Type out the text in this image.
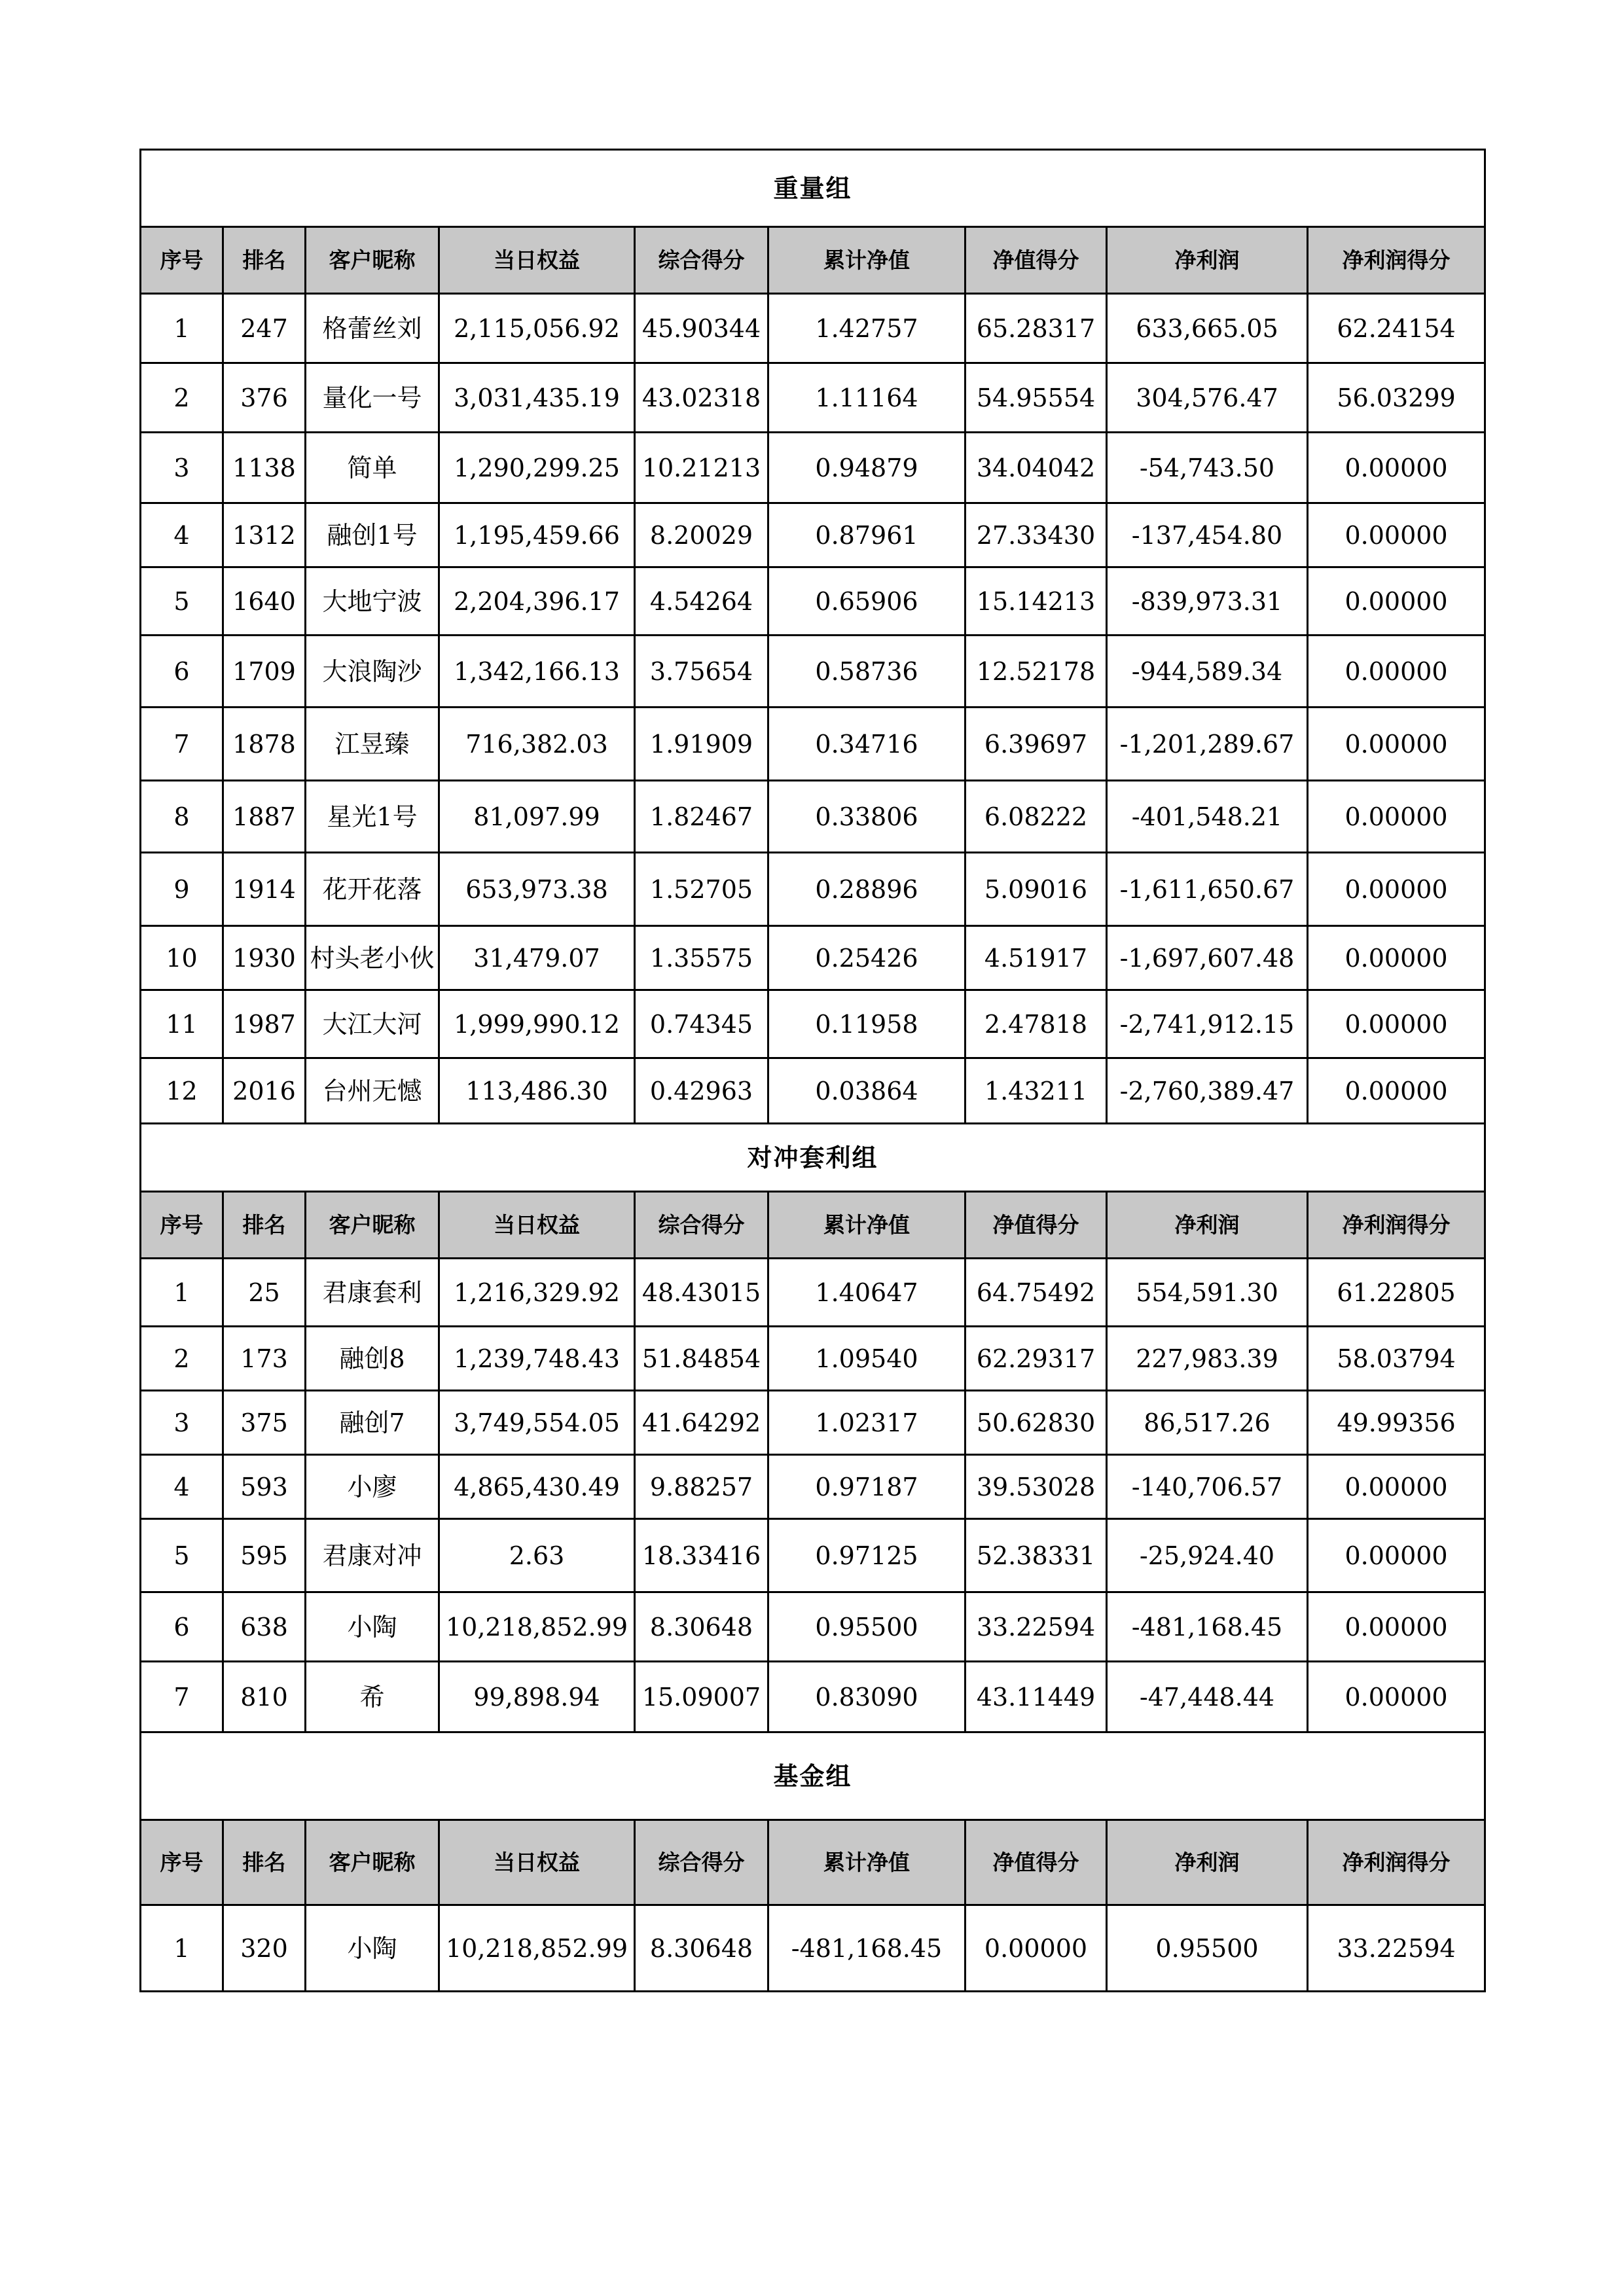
重量组								
序号	排名	客户昵称	当日权益	综合得分	累计净值	净值得分	净利润	净利润得分
1	247	格蕾丝刘	2,115,056.92	45.90344	1.42757	65.28317	633,665.05	62.24154
2	376	量化一号	3,031,435.19	43.02318	1.11164	54.95554	304,576.47	56.03299
3	1138	简单	1,290,299.25	10.21213	0.94879	34.04042	-54,743.50	0.00000
4	1312	融创1号	1,195,459.66	8.20029	0.87961	27.33430	-137,454.80	0.00000
5	1640	大地宁波	2,204,396.17	4.54264	0.65906	15.14213	-839,973.31	0.00000
6	1709	大浪陶沙	1,342,166.13	3.75654	0.58736	12.52178	-944,589.34	0.00000
7	1878	江昱臻	716,382.03	1.91909	0.34716	6.39697	-1,201,289.67	0.00000
8	1887	星光1号	81,097.99	1.82467	0.33806	6.08222	-401,548.21	0.00000
9	1914	花开花落	653,973.38	1.52705	0.28896	5.09016	-1,611,650.67	0.00000
10	1930	村头老小伙	31,479.07	1.35575	0.25426	4.51917	-1,697,607.48	0.00000
11	1987	大江大河	1,999,990.12	0.74345	0.11958	2.47818	-2,741,912.15	0.00000
12	2016	台州无憾	113,486.30	0.42963	0.03864	1.43211	-2,760,389.47	0.00000
对冲套利组								
序号	排名	客户昵称	当日权益	综合得分	累计净值	净值得分	净利润	净利润得分
1	25	君康套利	1,216,329.92	48.43015	1.40647	64.75492	554,591.30	61.22805
2	173	融创8	1,239,748.43	51.84854	1.09540	62.29317	227,983.39	58.03794
3	375	融创7	3,749,554.05	41.64292	1.02317	50.62830	86,517.26	49.99356
4	593	小廖	4,865,430.49	9.88257	0.97187	39.53028	-140,706.57	0.00000
5	595	君康对冲	2.63	18.33416	0.97125	52.38331	-25,924.40	0.00000
6	638	小陶	10,218,852.99	8.30648	0.95500	33.22594	-481,168.45	0.00000
7	810	希	99,898.94	15.09007	0.83090	43.11449	-47,448.44	0.00000
基金组								
序号	排名	客户昵称	当日权益	综合得分	累计净值	净值得分	净利润	净利润得分
1	320	小陶	10,218,852.99	8.30648	-481,168.45	0.00000	0.95500	33.22594
